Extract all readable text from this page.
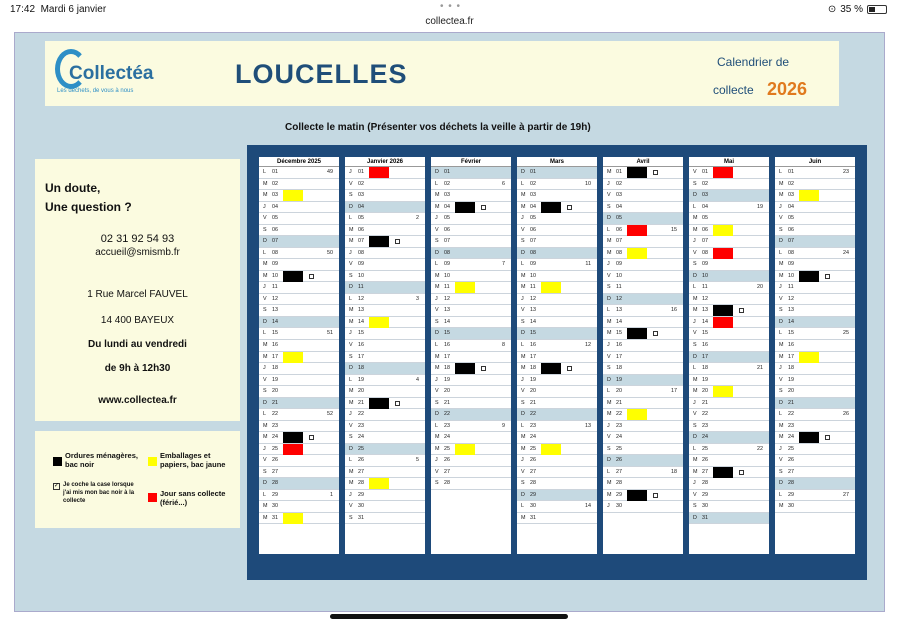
17:42 Mardi 6 janvier	• • •
collectea.fr
⊙ 35 %
Collectéa
Les déchets, de vous à nous
LOUCELLES	Calendrier de
collecte 2026
Collecte le matin (Présenter vos déchets la veille à partir de 19h)
Un doute,
Une question ?
02 31 92 54 93
accueil@smismb.fr
1 Rue Marcel FAUVEL
14 400 BAYEUX
Du lundi au vendredi
de 9h à 12h30
www.collectea.fr
Ordures ménagères, bac noir
Emballages et papiers, bac jaune
✓ Je coche la case lorsque j'ai mis mon bac noir à la collecte
Jour sans collecte (férié...)
Décembre 2025
L 01	49
M 02
M 03
J 04
V 05
S 06
D 07
L 08	50
M 09
M 10
J 11
V 12
S 13
D 14
L 15	51
M 16
M 17
J 18
V 19
S 20
D 21
L 22	52
M 23
M 24
J 25
V 26
S 27
D 28
L 29	1
M 30
M 31
Janvier 2026
J 01
V 02
S 03
D 04
L 05	2
M 06
M 07
J 08
V 09
S 10
D 11
L 12	3
M 13
M 14
J 15
V 16
S 17
D 18
L 19	4
M 20
M 21
J 22
V 23
S 24
D 25
L 26	5
M 27
M 28
J 29
V 30
S 31
Février
D 01
L 02	6
M 03
M 04
J 05
V 06
S 07
D 08
L 09	7
M 10
M 11
J 12
V 13
S 14
D 15
L 16	8
M 17
M 18
J 19
V 20
S 21
D 22
L 23	9
M 24
M 25
J 26
V 27
S 28
Mars
D 01
L 02	10
M 03
M 04
J 05
V 06
S 07
D 08
L 09	11
M 10
M 11
J 12
V 13
S 14
D 15
L 16	12
M 17
M 18
J 19
V 20
S 21
D 22
L 23	13
M 24
M 25
J 26
V 27
S 28
D 29
L 30	14
M 31
Avril
M 01
J 02
V 03
S 04
D 05
L 06	15
M 07
M 08
J 09
V 10
S 11
D 12
L 13	16
M 14
M 15
J 16
V 17
S 18
D 19
L 20	17
M 21
M 22
J 23
V 24
S 25
D 26
L 27	18
M 28
M 29
J 30
Mai
V 01
S 02
D 03
L 04	19
M 05
M 06
J 07
V 08
S 09
D 10
L 11	20
M 12
M 13
J 14
V 15
S 16
D 17
L 18	21
M 19
M 20
J 21
V 22
S 23
D 24
L 25	22
M 26
M 27
J 28
V 29
S 30
D 31
Juin
L 01	23
M 02
M 03
J 04
V 05
S 06
D 07
L 08	24
M 09
M 10
J 11
V 12
S 13
D 14
L 15	25
M 16
M 17
J 18
V 19
S 20
D 21
L 22	26
M 23
M 24
J 25
V 26
S 27
D 28
L 29	27
M 30
